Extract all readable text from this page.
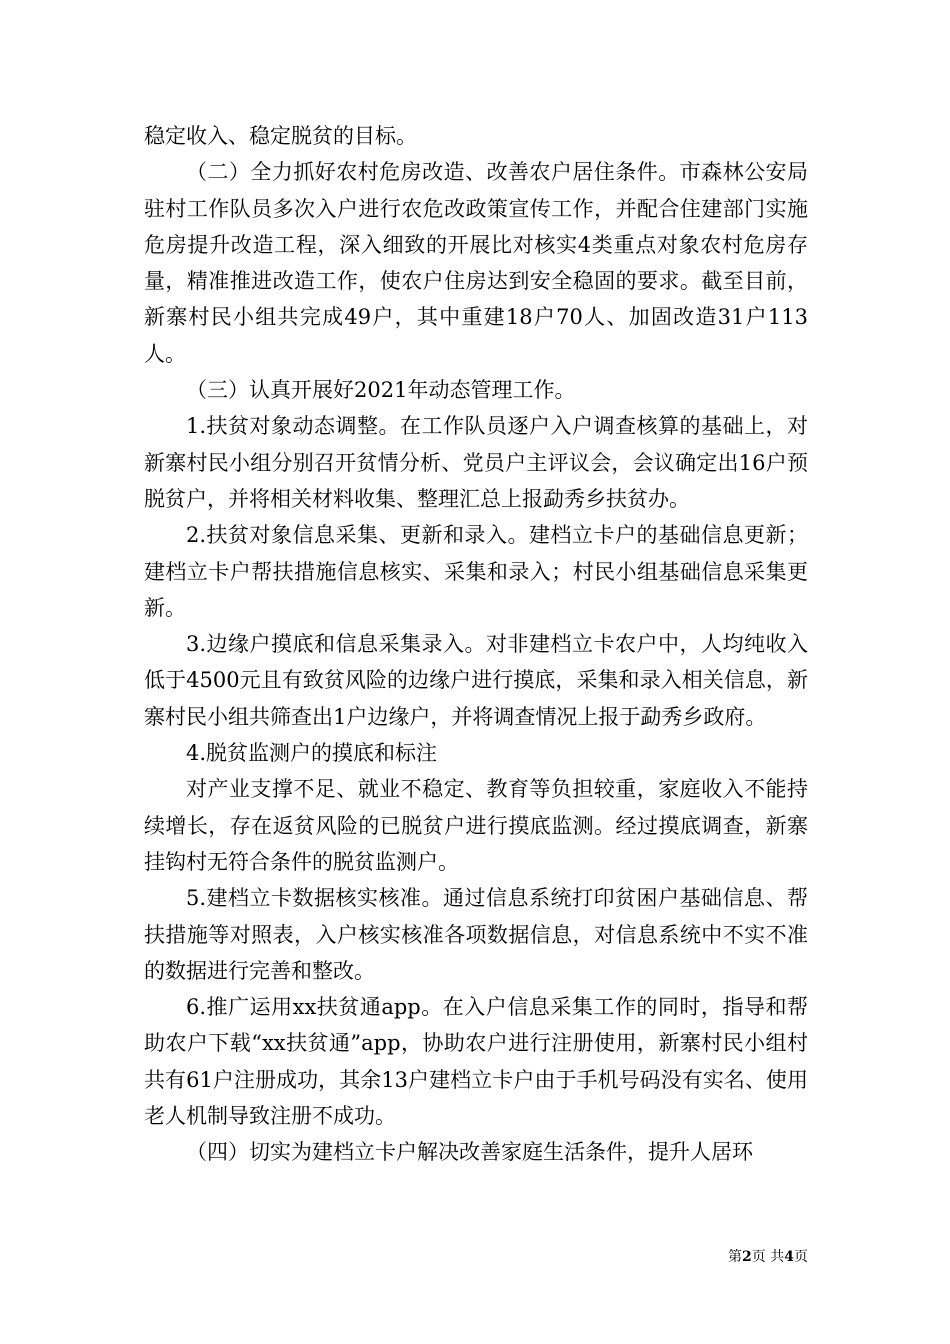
稳定收入、稳定脱贫的目标。

（二）全力抓好农村危房改造、改善农户居住条件。市森林公安局驻村工作队员多次入户进行农危改政策宣传工作，并配合住建部门实施危房提升改造工程，深入细致的开展比对核实4类重点对象农村危房存量，精准推进改造工作，使农户住房达到安全稳固的要求。截至目前，新寨村民小组共完成49户，其中重建18户70人、加固改造31户113人。

（三）认真开展好2021年动态管理工作。

1.扶贫对象动态调整。在工作队员逐户入户调查核算的基础上，对新寨村民小组分别召开贫情分析、党员户主评议会，会议确定出16户预脱贫户，并将相关材料收集、整理汇总上报勐秀乡扶贫办。

2.扶贫对象信息采集、更新和录入。建档立卡户的基础信息更新；建档立卡户帮扶措施信息核实、采集和录入；村民小组基础信息采集更新。

3.边缘户摸底和信息采集录入。对非建档立卡农户中，人均纯收入低于4500元且有致贫风险的边缘户进行摸底，采集和录入相关信息，新寨村民小组共筛查出1户边缘户，并将调查情况上报于勐秀乡政府。

4.脱贫监测户的摸底和标注

对产业支撑不足、就业不稳定、教育等负担较重，家庭收入不能持续增长，存在返贫风险的已脱贫户进行摸底监测。经过摸底调查，新寨挂钩村无符合条件的脱贫监测户。

5.建档立卡数据核实核准。通过信息系统打印贫困户基础信息、帮扶措施等对照表，入户核实核准各项数据信息，对信息系统中不实不准的数据进行完善和整改。

6.推广运用xx扶贫通app。在入户信息采集工作的同时，指导和帮助农户下载“xx扶贫通”app，协助农户进行注册使用，新寨村民小组村共有61户注册成功，其余13户建档立卡户由于手机号码没有实名、使用老人机制导致注册不成功。

（四）切实为建档立卡户解决改善家庭生活条件，提升人居环

第2页 共4页
